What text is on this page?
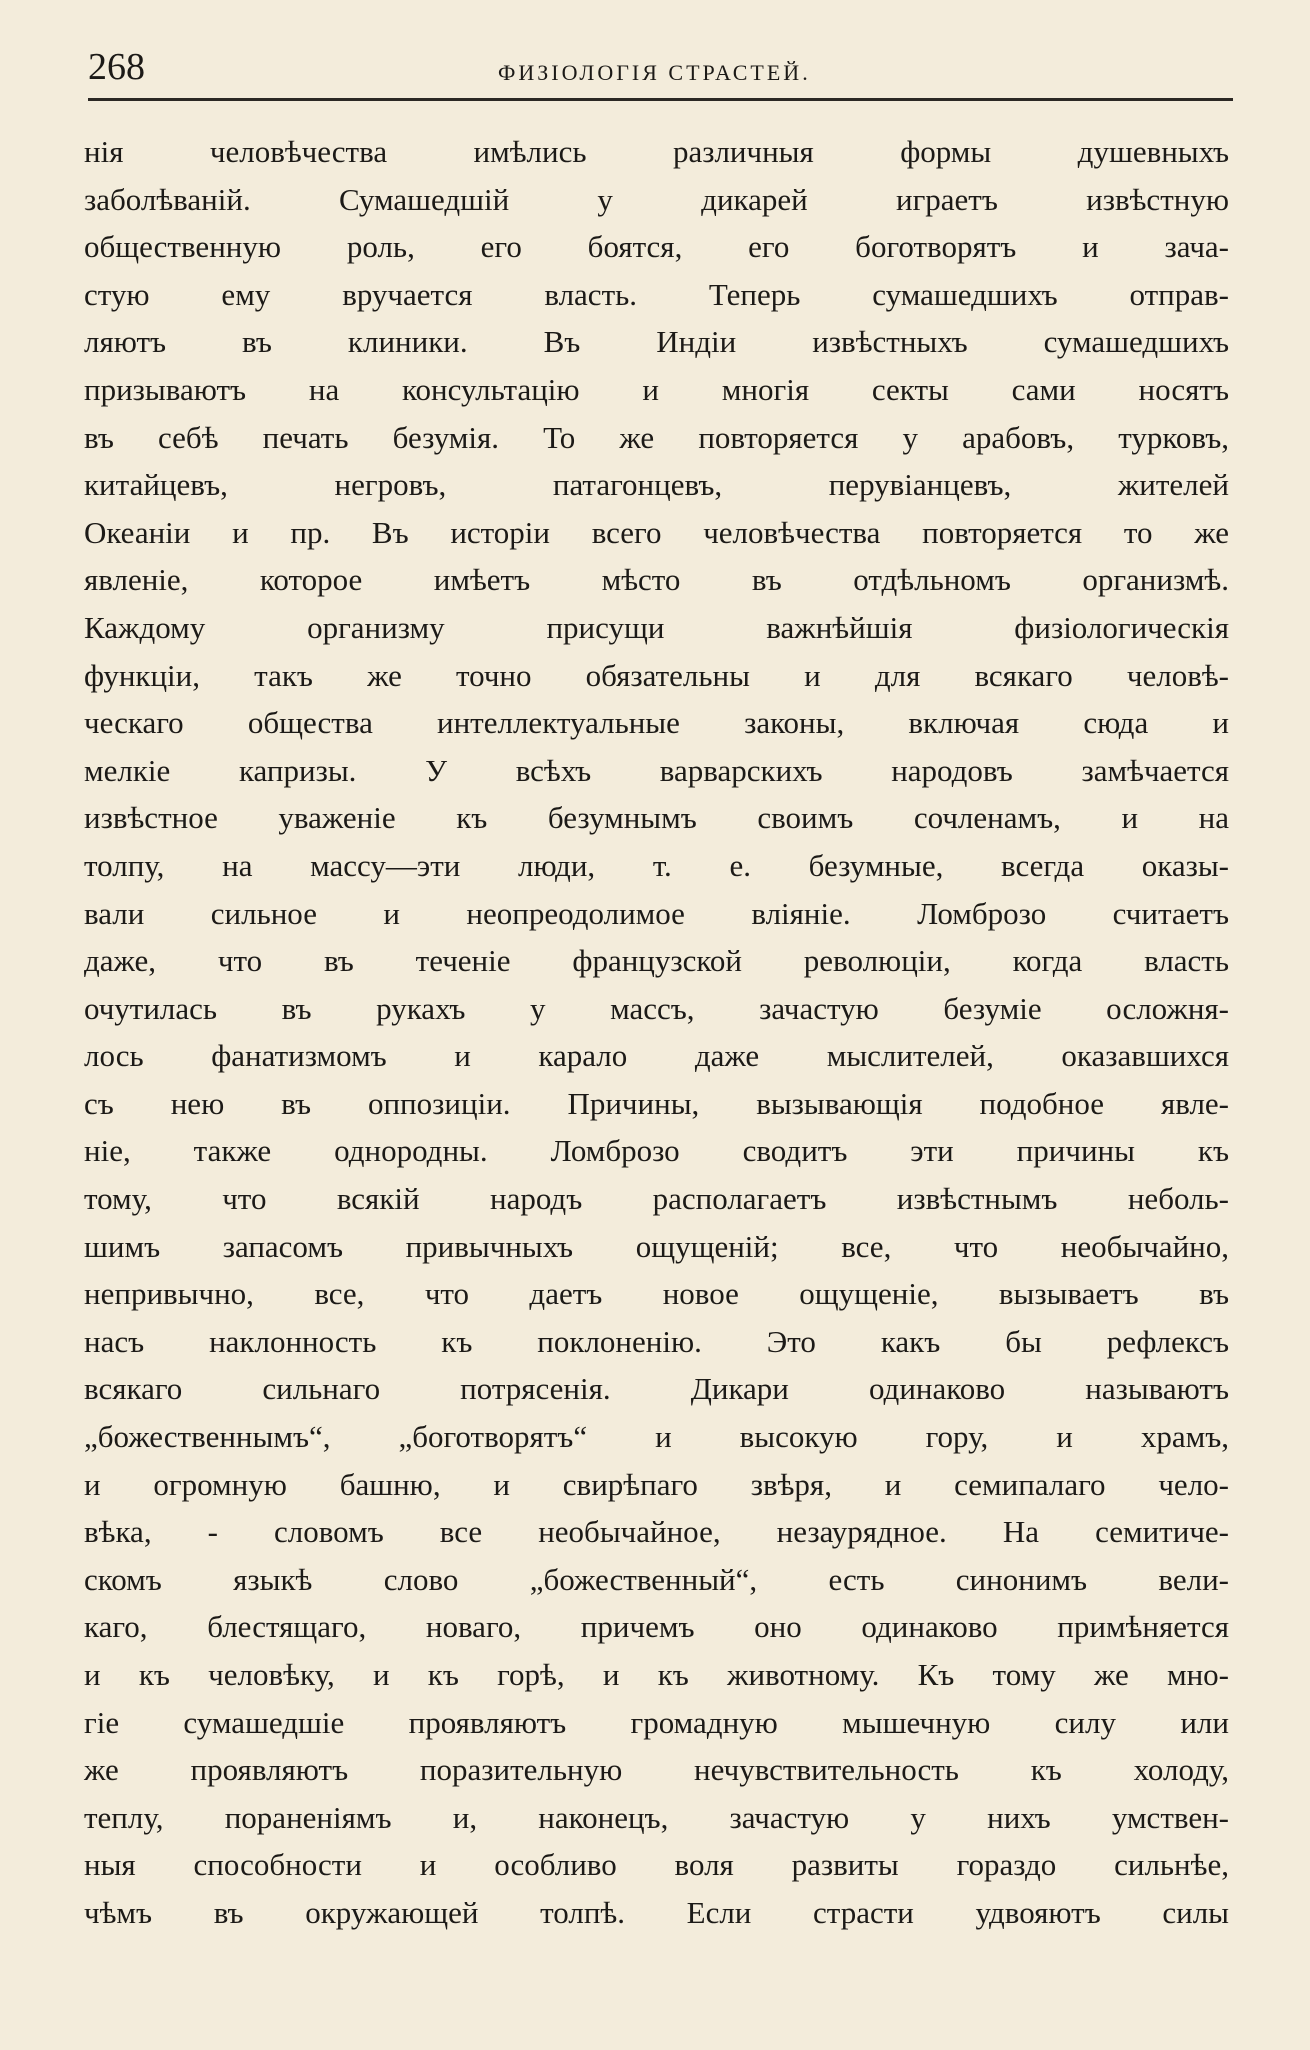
268	ФИЗІОЛОГІЯ СТРАСТЕЙ.
нія человѣчества имѣлись различныя формы душевныхъ
заболѣваній. Сумашедшій у дикарей играетъ извѣстную
общественную роль, его боятся, его боготворятъ и зача-
стую ему вручается власть. Теперь сумашедшихъ отправ-
ляютъ въ клиники. Въ Индіи извѣстныхъ сумашедшихъ
призываютъ на консультацію и многія секты сами носятъ
въ себѣ печать безумія. То же повторяется у арабовъ, турковъ,
китайцевъ, негровъ, патагонцевъ, перувіанцевъ, жителей
Океаніи и пр. Въ исторіи всего человѣчества повторяется то же
явленіе, которое имѣетъ мѣсто въ отдѣльномъ организмѣ.
Каждому организму присущи важнѣйшія физіологическія
функціи, такъ же точно обязательны и для всякаго человѣ-
ческаго общества интеллектуальные законы, включая сюда и
мелкіе капризы. У всѣхъ варварскихъ народовъ замѣчается
извѣстное уваженіе къ безумнымъ своимъ сочленамъ, и на
толпу, на массу—эти люди, т. е. безумные, всегда оказы-
вали сильное и неопреодолимое вліяніе. Ломброзо считаетъ
даже, что въ теченіе французской революціи, когда власть
очутилась въ рукахъ у массъ, зачастую безуміе осложня-
лось фанатизмомъ и карало даже мыслителей, оказавшихся
съ нею въ оппозиціи. Причины, вызывающія подобное явле-
ніе, также однородны. Ломброзо сводитъ эти причины къ
тому, что всякій народъ располагаетъ извѣстнымъ неболь-
шимъ запасомъ привычныхъ ощущеній; все, что необычайно,
непривычно, все, что даетъ новое ощущеніе, вызываетъ въ
насъ наклонность къ поклоненію. Это какъ бы рефлексъ
всякаго сильнаго потрясенія. Дикари одинаково называютъ
„божественнымъ“, „боготворятъ“ и высокую гору, и храмъ,
и огромную башню, и свирѣпаго звѣря, и семипалаго чело-
вѣка, - словомъ все необычайное, незаурядное. На семитиче-
скомъ языкѣ слово „божественный“, есть синонимъ вели-
каго, блестящаго, новаго, причемъ оно одинаково примѣняется
и къ человѣку, и къ горѣ, и къ животному. Къ тому же мно-
гіе сумашедшіе проявляютъ громадную мышечную силу или
же проявляютъ поразительную нечувствительность къ холоду,
теплу, пораненіямъ и, наконецъ, зачастую у нихъ умствен-
ныя способности и особливо воля развиты гораздо сильнѣе,
чѣмъ въ окружающей толпѣ. Если страсти удвояютъ силы
